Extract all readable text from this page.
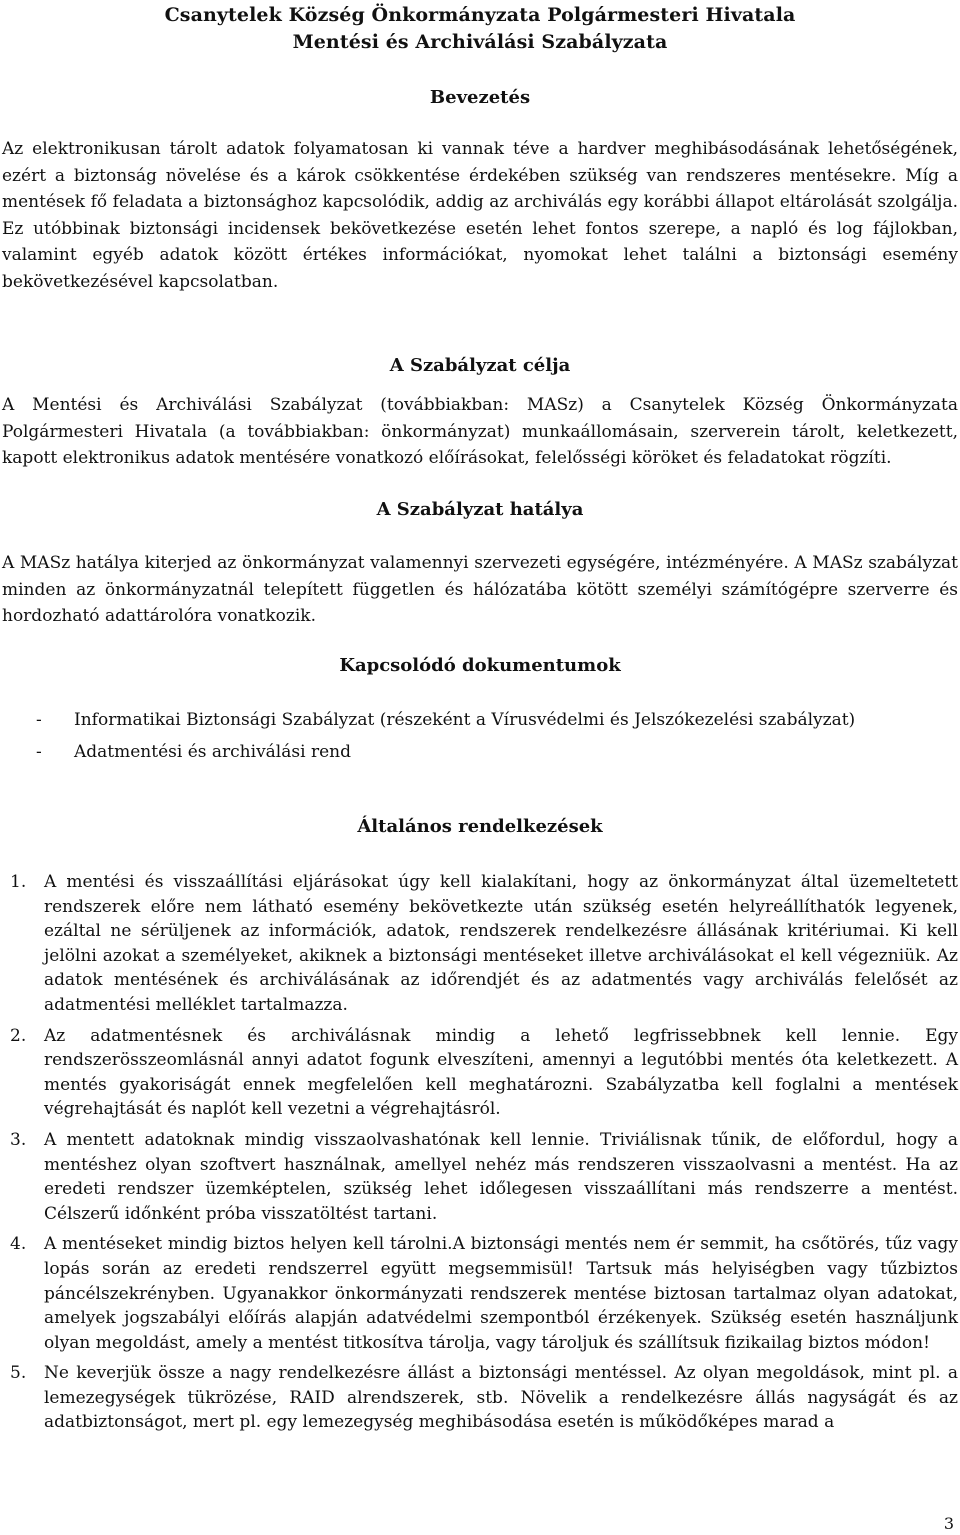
Csanytelek Község Önkormányzata Polgármesteri Hivatala
Mentési és Archiválási Szabályzata
Bevezetés

Az elektronikusan tárolt adatok folyamatosan ki vannak téve a hardver meghibásodásának lehetőségének, ezért a biztonság növelése és a károk csökkentése érdekében szükség van rendszeres mentésekre. Míg a mentések fő feladata a biztonsághoz kapcsolódik, addig az archiválás egy korábbi állapot eltárolását szolgálja. Ez utóbbinak biztonsági incidensek bekövetkezése esetén lehet fontos szerepe, a napló és log fájlokban, valamint egyéb adatok között értékes információkat, nyomokat lehet találni a biztonsági esemény bekövetkezésével kapcsolatban.

A Szabályzat célja

A Mentési és Archiválási Szabályzat (továbbiakban: MASz) a Csanytelek Község Önkormányzata Polgármesteri Hivatala (a továbbiakban: önkormányzat) munkaállomásain, szerverein tárolt, keletkezett, kapott elektronikus adatok mentésére vonatkozó előírásokat, felelősségi köröket és feladatokat rögzíti.

A Szabályzat hatálya

A MASz hatálya kiterjed az önkormányzat valamennyi szervezeti egységére, intézményére. A MASz szabályzat minden az önkormányzatnál telepített független és hálózatába kötött személyi számítógépre szerverre és hordozható adattárolóra vonatkozik.

Kapcsolódó dokumentumok
- Informatikai Biztonsági Szabályzat (részeként a Vírusvédelmi és Jelszókezelési szabályzat)
- Adatmentési és archiválási rend
Általános rendelkezések
1. A mentési és visszaállítási eljárásokat úgy kell kialakítani, hogy az önkormányzat által üzemeltetett rendszerek előre nem látható esemény bekövetkezte után szükség esetén helyreállíthatók legyenek, ezáltal ne sérüljenek az információk, adatok, rendszerek rendelkezésre állásának kritériumai. Ki kell jelölni azokat a személyeket, akiknek a biztonsági mentéseket illetve archiválásokat el kell végezniük. Az adatok mentésének és archiválásának az időrendjét és az adatmentés vagy archiválás felelősét az adatmentési melléklet tartalmazza.
2. Az adatmentésnek és archiválásnak mindig a lehető legfrissebbnek kell lennie. Egy rendszerösszeomlásnál annyi adatot fogunk elveszíteni, amennyi a legutóbbi mentés óta keletkezett. A mentés gyakoriságát ennek megfelelően kell meghatározni. Szabályzatba kell foglalni a mentések végrehajtását és naplót kell vezetni a végrehajtásról.
3. A mentett adatoknak mindig visszaolvashatónak kell lennie. Triviálisnak tűnik, de előfordul, hogy a mentéshez olyan szoftvert használnak, amellyel nehéz más rendszeren visszaolvasni a mentést. Ha az eredeti rendszer üzemképtelen, szükség lehet időlegesen visszaállítani más rendszerre a mentést. Célszerű időnként próba visszatöltést tartani.
4. A mentéseket mindig biztos helyen kell tárolni.A biztonsági mentés nem ér semmit, ha csőtörés, tűz vagy lopás során az eredeti rendszerrel együtt megsemmisül! Tartsuk más helyiségben vagy tűzbiztos páncélszekrényben. Ugyanakkor önkormányzati rendszerek mentése biztosan tartalmaz olyan adatokat, amelyek jogszabályi előírás alapján adatvédelmi szempontból érzékenyek. Szükség esetén használjunk olyan megoldást, amely a mentést titkosítva tárolja, vagy tároljuk és szállítsuk fizikailag biztos módon!
5. Ne keverjük össze a nagy rendelkezésre állást a biztonsági mentéssel. Az olyan megoldások, mint pl. a lemezegységek tükrözése, RAID alrendszerek, stb. Növelik a rendelkezésre állás nagyságát és az adatbiztonságot, mert pl. egy lemezegység meghibásodása esetén is működőképes marad a
3
